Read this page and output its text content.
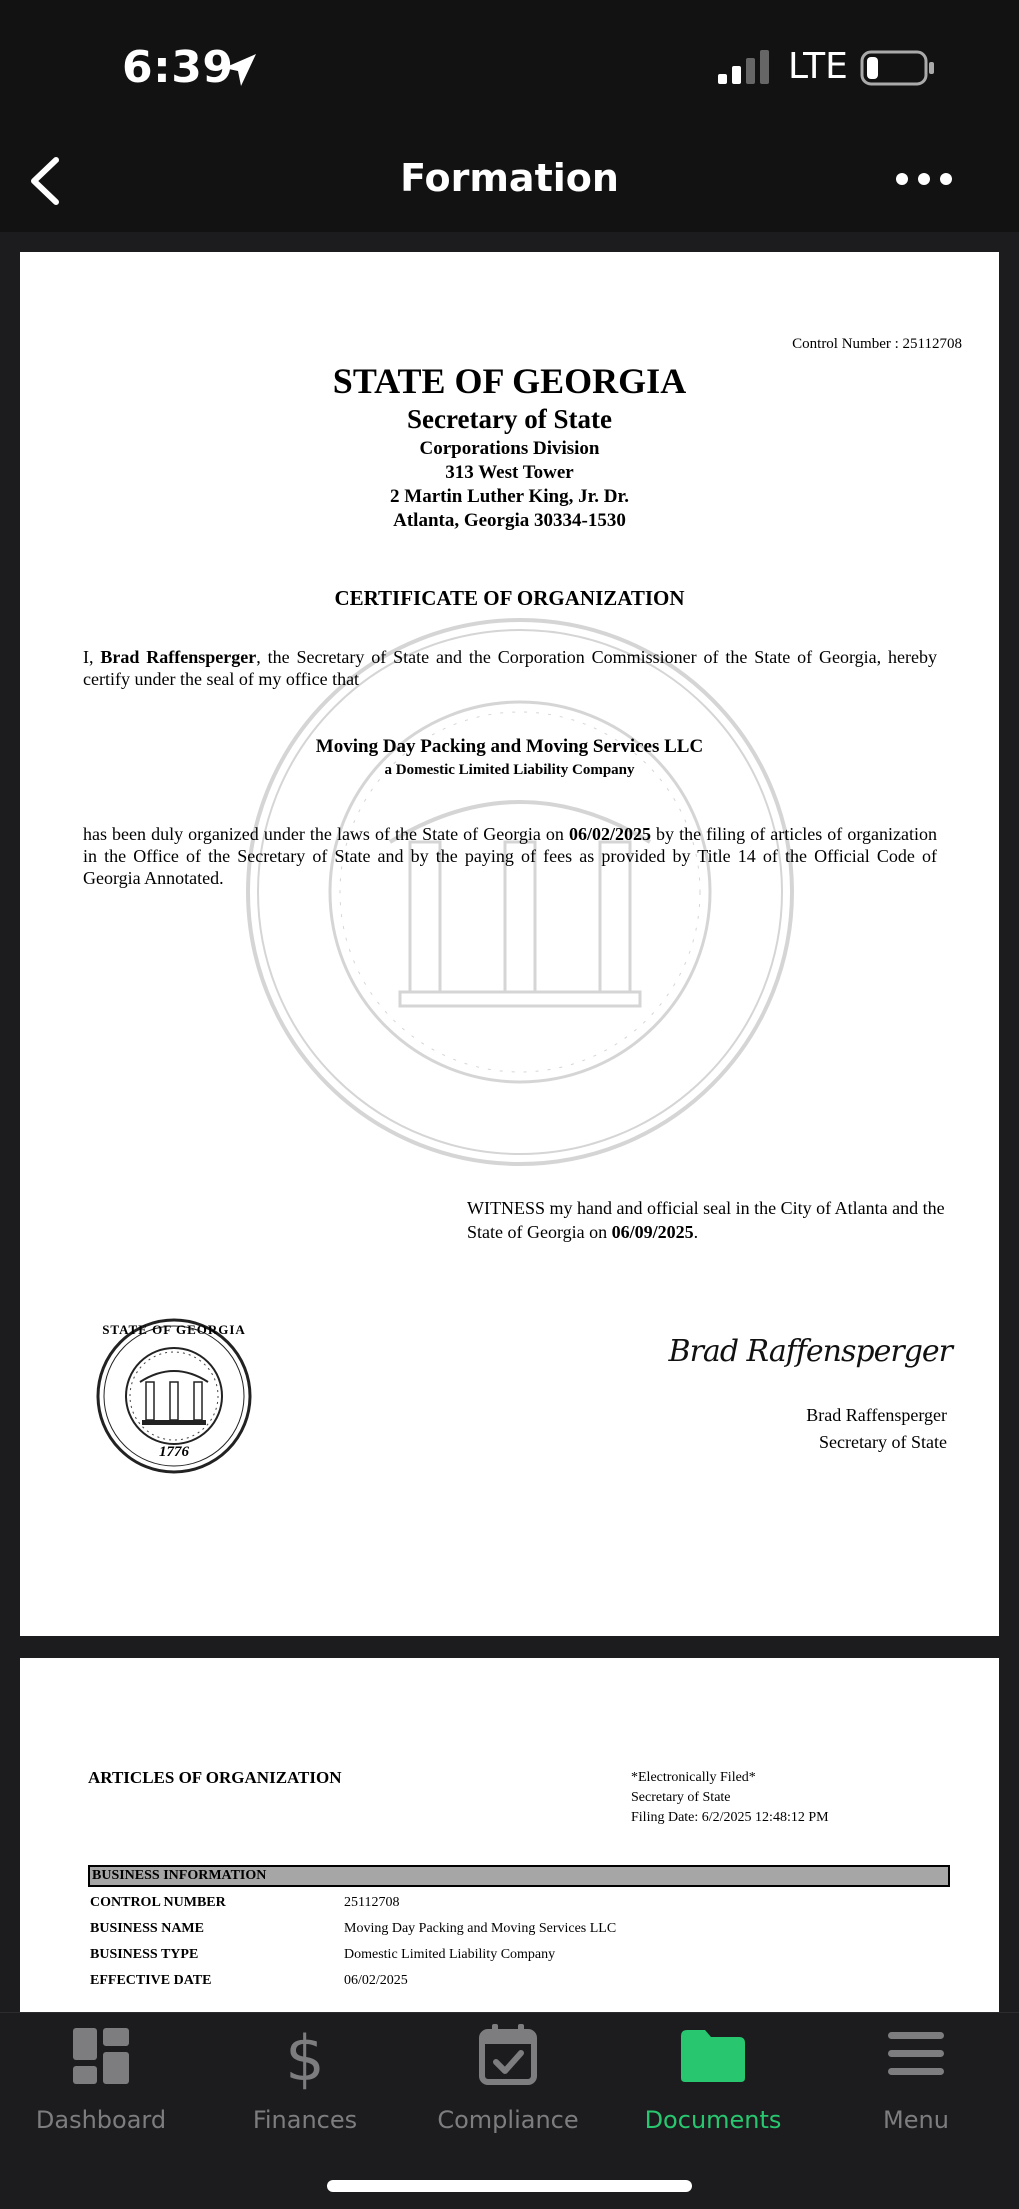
6:39	LTE
Formation
Control Number : 25112708
STATE OF GEORGIA
Secretary of State
Corporations Division
313 West Tower
2 Martin Luther King, Jr. Dr.
Atlanta, Georgia 30334-1530
CERTIFICATE OF ORGANIZATION
I, Brad Raffensperger, the Secretary of State and the Corporation Commissioner of the State of Georgia, hereby certify under the seal of my office that
Moving Day Packing and Moving Services LLC
a Domestic Limited Liability Company
has been duly organized under the laws of the State of Georgia on 06/02/2025 by the filing of articles of organization in the Office of the Secretary of State and by the paying of fees as provided by Title 14 of the Official Code of Georgia Annotated.
WITNESS my hand and official seal in the City of Atlanta and the State of Georgia on 06/09/2025.
STATE OF GEORGIA
1776
Brad Raffensperger
Brad Raffensperger
Secretary of State
ARTICLES OF ORGANIZATION	*Electronically Filed*
Secretary of State
Filing Date: 6/2/2025 12:48:12 PM
BUSINESS INFORMATION
CONTROL NUMBER	25112708
BUSINESS NAME	Moving Day Packing and Moving Services LLC
BUSINESS TYPE	Domestic Limited Liability Company
EFFECTIVE DATE	06/02/2025
Dashboard
$
Finances	Compliance	Documents	Menu
